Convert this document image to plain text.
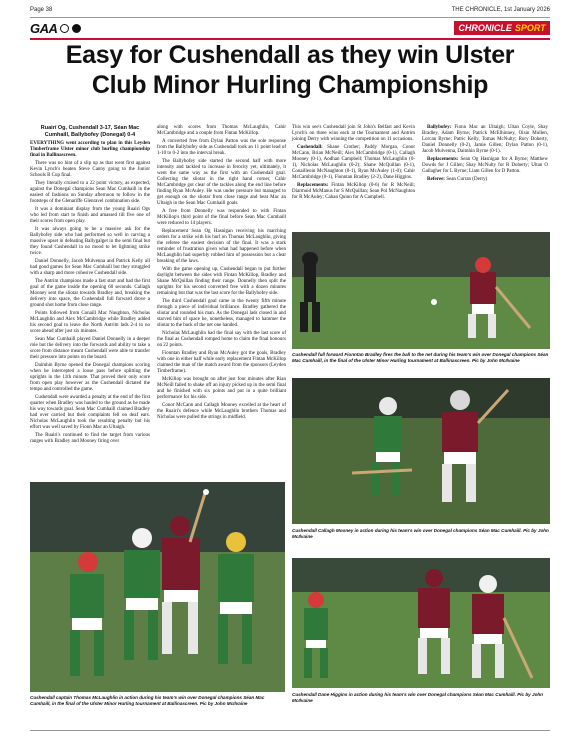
Page 38	THE CHRONICLE, 1st January 2026
GAA	CHRONICLE SPORT
Easy for Cushendall as they win Ulster
Club Minor Hurling Championship
Ruairí Og, Cushendall 3-17, Séan Mac
Cumhaill, Ballybofey (Donegal) 0-4

EVERYTHING went according to plan in this Leyden Timberframe Ulster minor club hurling championship final in Ballinascreen.

There was no hint of a slip up as that went first against Kevin Lynch's beaten Steve Canny going to the Junior Schools B Cup final.

They literally cruised to a 22 point victory, as expected, against the Donegal champions Sean Mac Cumhaill in the easiest of fashions on Sunday afternoon to follow in the footsteps of the Glenariffe Glenravel combination side.

It was a dominant display from the young Ruairi Ogs who led from start to finish and amassed till five one of their scores from open play.

It was always going to be a massive ask for the Ballybofey side who had performed so well in carving a massive upset in defeating Ballygalget in the semi final but they found Cushendall in no mood to let lightning strike twice.

Daniel Donnelly, Jacob Mulvenna and Patrick Kelly all had good games for Sean Mac Cumhaill but they struggled with a sharp and more cohesive Cushendall side.

The Antrim champions made a fast start and had the first goal of the game inside the opening 60 seconds. Callagh Mooney sent the sliotar towards Bradley and, breaking the delivery into space, the Cushendall full forward drove a ground shot home from close range.

Points followed from Conaill Mac Naughton, Nicholas McLaughlin and Alex McCambridge while Bradley added his second goal to leave the North Antrim lads 2-4 to no score ahead after just six minutes.

Sean Mac Cumhaill played Daniel Donnelly in a deeper role but the delivery into the forwards and ability to take a score from distance meant Cushendall were able to transfer their pressure into points on the board.

Daimhin Byrne opened the Donegal champions scoring when he intercepted a loose pass before splitting the uprights in the 11th minute. That proved their only score from open play however as the Cushendall dictated the tempo and controlled the game.

Cushendall were awarded a penalty at the end of the first quarter when Bradley was hauled to the ground as he made his way towards goal. Sean Mac Cumhaill claimed Bradley had over carried but their complaints fell on deaf ears. Nicholas McLaughlin took the resulting penalty but his effort was well saved by Fionn Mac an Ultaigh.

The Ruairi's continued to find the target from various ranges with Bradley and Mooney firing over

along with scores from Thomas McLaughlin, Cahir McCambridge and a couple from Fintan McKillop.

A converted free from Dylan Patton was the sole response from the Ballybofey side as Cushendall took an 11 point lead of 1-10 to 0-2 into the interval break.

The Ballybofey side started the second half with more intensity and tackled to increase in ferocity yet, ultimately, it went the same way as the first with an Cushendall goal. Collecting the sliotar in the right hand corner, Cahir McCambridge got clear of the tackles along the end line before finding Ryan McAuley. He was under pressure but managed to get enough on the sliotar from close range and beat Mac an Ultaigh in the Sean Mac Cumhaill goals.

A free from Donnelly was responded to with Fintan McKillop's third point of the final before Sean Mac Cumhaill were reduced to 14 players.

Replacement Sean Og Hasnigan receiving his marching orders for a strike with his hurl on Thomas McLaughlin, giving the referee the easiest decision of the final. It was a stark reminder of frustration given what had happened before when McLaughlin had superbly robbed him of possession but a clear breaking of the laws.

With the game opening up, Cushendall began to put further daylight between the sides with Fintan McKillop, Bradley and Shane McQuillan finding their range. Donnelly then split the uprights for his second converted free with a dozen minutes remaining but that was the last score for the Ballybofey side.

The third Cushendall goal came in the twenty fifth minute through a piece of individual brilliance. Bradley gathered the sliotar and rounded his man. As the Donegal lads closed in and starved him of space he, nonetheless, managed to hammer the sliotar to the back of the net one handed.

Nicholas McLaughlin had the final say with the last score of the final as Cushendall romped home to claim the final honours on 22 points.

Fionntan Bradley and Ryan McAuley got the goals, Bradley with one in either half while early replacement Fintan McKillop claimed the man of the match award from the sponsors (Leyden Timberframe).

McKillop was brought on after just four minutes after Rian McNeill failed to shake off an injury picked up in the semi final and he finished with six points and put in a quite brilliant performance for his side.

Conor McCann and Callagh Mooney excelled at the heart of the Ruairi's defence while McLaughlin brothers Thomas and Nicholas were pulled the strings in midfield.

This win see's Cushendall join St John's Belfast and Kevin Lynch's on three wins each at the Tournament and Antrim joining Derry with winning the competition on 11 occasions.

Cushendall: Shane Crother; Paddy Morgan, Conor McCann, Brian McNeill; Alex McCambridge (0-1), Callagh Mooney (0-1), Aodhan Campbell; Thomas McLaughlin (0-1), Nicholas McLaughlin (0-2); Shane McQuillan (0-1), Conailleoin McNaughton (0-1), Ryan McAuley (1-0); Cahir McCambridge (0-1), Fionntan Bradley (2-2), Dane Higgins.

Replacements: Fintan McKillop (0-6) for R McNeill; Diarmuid McManus for S McQuillan; Sean Pol McNaughton for R McAuley; Cahan Quinn for A Campbell.

Ballybofey: Fionn Mac an Ultaigh; Ultan Coyle, Shay Bradley, Adam Byrne; Patrick McElhinney, Oisin Mullen, Lorcan Byrne; Patric Kelly, Tomas McNulty; Rory Doherty, Daniel Donnelly (0-2), Jamie Gillen; Dylan Patton (0-1), Jacob Mulvenna, Daimhin Byrne (0-1).

Replacements: Sean Og Hasnigan for A Byrne; Matthew Dowds for J Gillen; Shay McNulty for R Doherty; Ultan O Gallagher for L Byrne; Liam Gillen for D Patton.

Referee: Sean Curran (Derry)

Cushendall full forward Fionntan Bradley fires the ball to the net during his team's win over Donegal champions Séan Mac Cumhaill, in the final of the Ulster Minor Hurling tournament at Ballinascreen. Pic by John McIlvaine
Cushendall Callagh Mooney in action during his team's win over Donegal champions Séan Mac Cumhaill. Pic by John McIlvaine
Cushendall captain Thomas McLaughlin in action during his team's win over Donegal champions Séan Mac Cumhaill, in the final of the Ulster Minor Hurling tournament at Ballinascreen. Pic by John McIlvaine
Cushendall Dane Higgins in action during his team's win over Donegal champions Séan Mac Cumhaill. Pic by John McIlvaine
